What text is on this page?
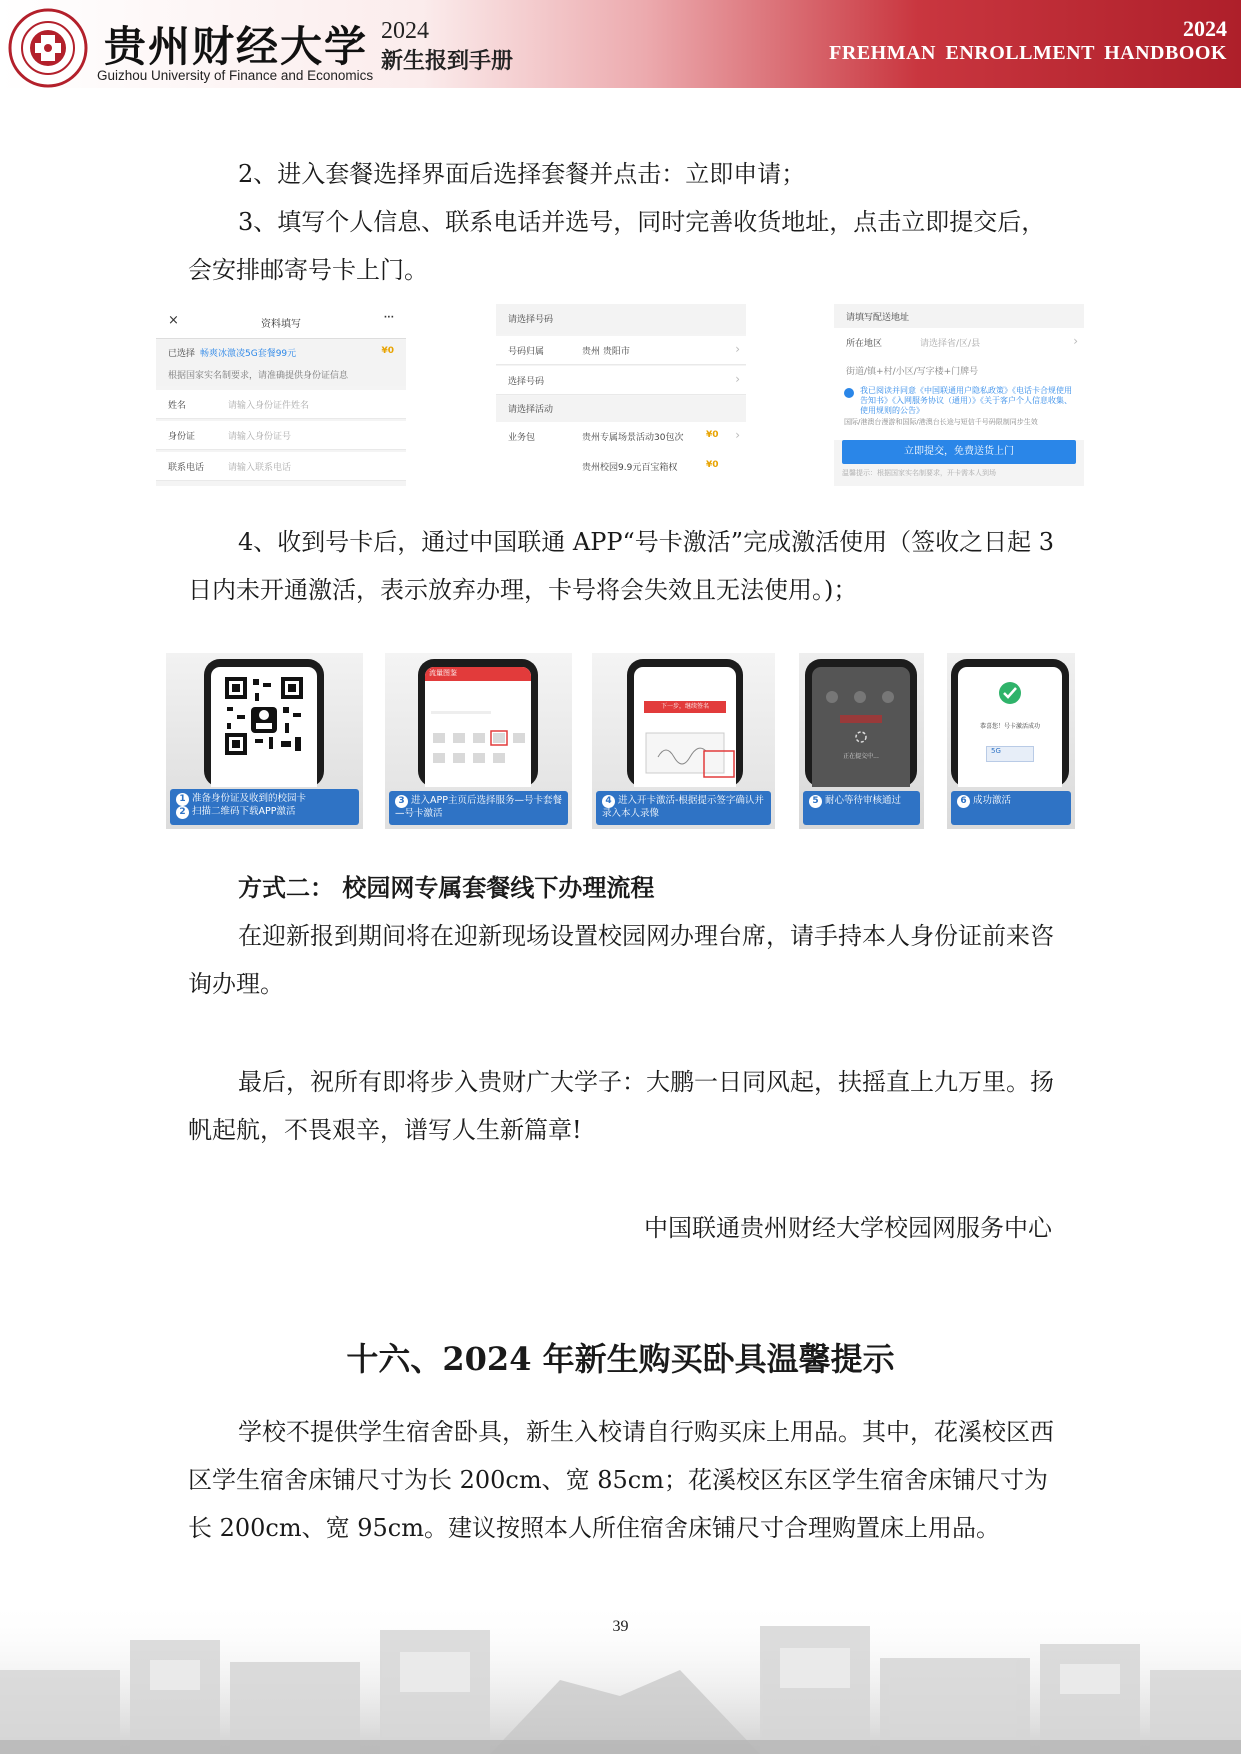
贵州财经大学
Guizhou University of Finance and Economics
2024
新生报到手册
2024
FREHMAN ENROLLMENT HANDBOOK

2、进入套餐选择界面后选择套餐并点击：立即申请；

3、填写个人信息、联系电话并选号，同时完善收货地址，点击立即提交后，会安排邮寄号卡上门。

×	资料填写
···
已选择 畅爽冰激凌5G套餐99元	¥0
根据国家实名制要求，请准确提供身份证信息
姓名	请输入身份证件姓名
身份证	请输入身份证号
联系电话	请输入联系电话
请选择号码
号码归属	贵州 贵阳市	›
选择号码	›
请选择活动
业务包	贵州专属场景活动30包次	¥0 ›
贵州校园9.9元百宝箱权	¥0
请填写配送地址
所在地区	请选择省/区/县	›
街道/镇+村/小区/写字楼+门牌号
我已阅读并同意《中国联通用户隐私政策》《电话卡合规使用告知书》《入网服务协议（通用）》《关于客户个人信息收集、使用规则的公告》
国际/港澳台漫游和国际/港澳台长途与短信千号码限制同步生效
立即提交，免费送货上门
温馨提示：根据国家实名制要求，开卡需本人到场

4、收到号卡后，通过中国联通 APP“号卡激活”完成激活使用（签收之日起 3 日内未开通激活，表示放弃办理，卡号将会失效且无法使用。)；

1 准备身份证及收到的校园卡
2 扫描二维码下载APP激活
流量图鉴
3 进入APP主页后选择服务—号卡套餐—号卡激活
下一步，继续签名
4 进入开卡激活-根据提示签字确认并录入本人录像
正在提交中...
5 耐心等待审核通过
恭喜您！号卡激活成功
5G
6 成功激活

方式二： 校园网专属套餐线下办理流程

在迎新报到期间将在迎新现场设置校园网办理台席，请手持本人身份证前来咨询办理。

最后，祝所有即将步入贵财广大学子：大鹏一日同风起，扶摇直上九万里。扬帆起航，不畏艰辛，谱写人生新篇章!

中国联通贵州财经大学校园网服务中心

十六、2024 年新生购买卧具温馨提示

学校不提供学生宿舍卧具，新生入校请自行购买床上用品。其中，花溪校区西区学生宿舍床铺尺寸为长 200cm、宽 85cm；花溪校区东区学生宿舍床铺尺寸为长 200cm、宽 95cm。建议按照本人所住宿舍床铺尺寸合理购置床上用品。

39
